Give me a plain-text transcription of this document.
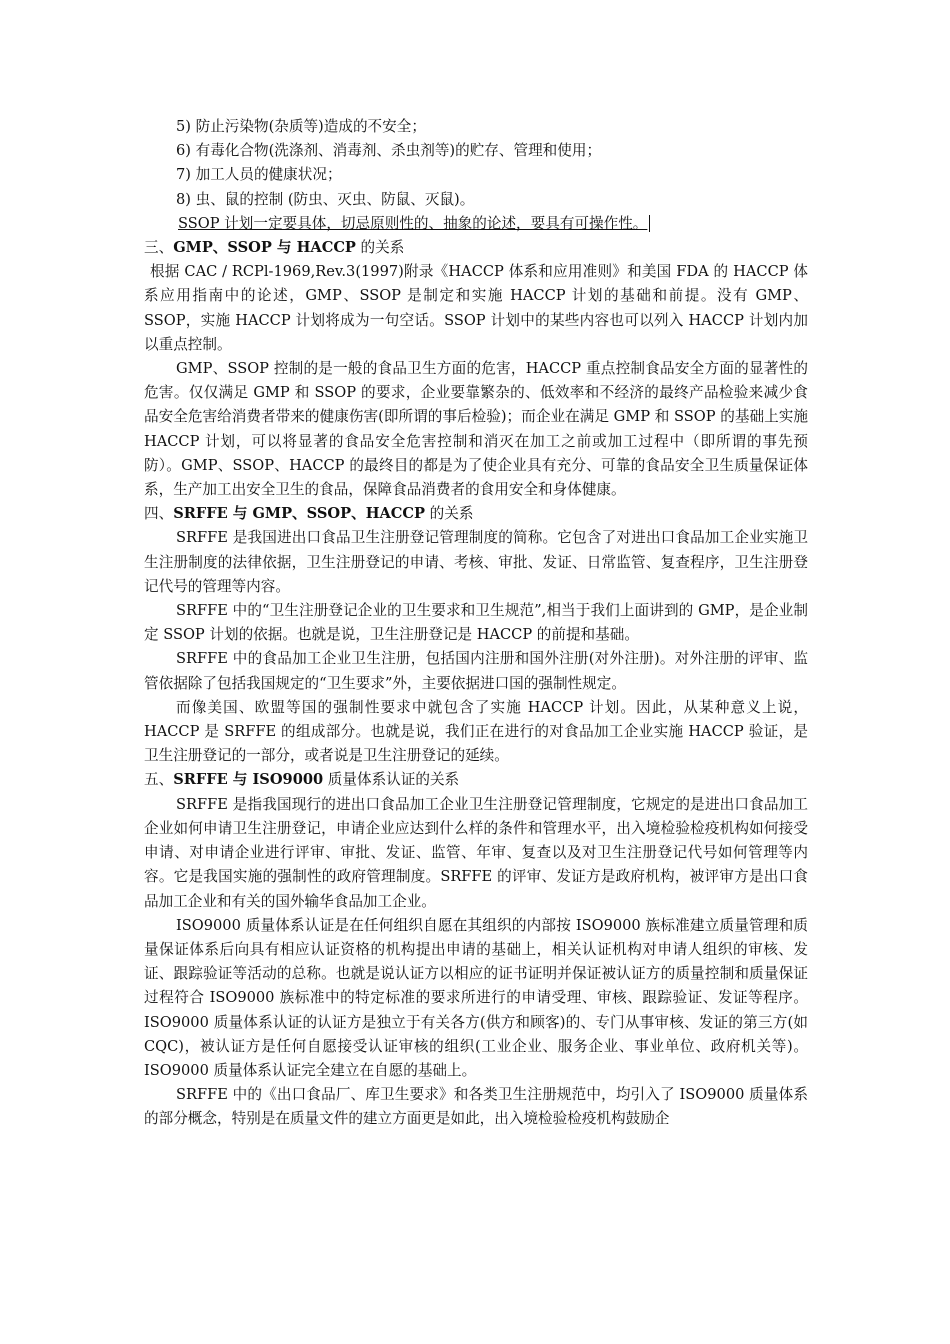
5) 防止污染物(杂质等)造成的不安全；

6) 有毒化合物(洗涤剂、消毒剂、杀虫剂等)的贮存、管理和使用；

7) 加工人员的健康状况；

8) 虫、鼠的控制 (防虫、灭虫、防鼠、灭鼠)。

SSOP 计划一定要具体，切忌原则性的、抽象的论述，要具有可操作性。

三、GMP、SSOP 与 HACCP 的关系

根据 CAC / RCPl-1969,Rev.3(1997)附录《HACCP 体系和应用准则》和美国 FDA 的 HACCP 体系应用指南中的论述，GMP、SSOP 是制定和实施 HACCP 计划的基础和前提。没有 GMP、SSOP，实施 HACCP 计划将成为一句空话。SSOP 计划中的某些内容也可以列入 HACCP 计划内加以重点控制。

GMP、SSOP 控制的是一般的食品卫生方面的危害，HACCP 重点控制食品安全方面的显著性的危害。仅仅满足 GMP 和 SSOP 的要求，企业要靠繁杂的、低效率和不经济的最终产品检验来减少食品安全危害给消费者带来的健康伤害(即所谓的事后检验)；而企业在满足 GMP 和 SSOP 的基础上实施 HACCP 计划，可以将显著的食品安全危害控制和消灭在加工之前或加工过程中（即所谓的事先预防）。GMP、SSOP、HACCP 的最终目的都是为了使企业具有充分、可靠的食品安全卫生质量保证体系，生产加工出安全卫生的食品，保障食品消费者的食用安全和身体健康。

四、SRFFE 与 GMP、SSOP、HACCP 的关系

SRFFE 是我国进出口食品卫生注册登记管理制度的简称。它包含了对进出口食品加工企业实施卫生注册制度的法律依据，卫生注册登记的申请、考核、审批、发证、日常监管、复查程序，卫生注册登记代号的管理等内容。

SRFFE 中的“卫生注册登记企业的卫生要求和卫生规范”,相当于我们上面讲到的 GMP，是企业制定 SSOP 计划的依据。也就是说，卫生注册登记是 HACCP 的前提和基础。

SRFFE 中的食品加工企业卫生注册，包括国内注册和国外注册(对外注册)。对外注册的评审、监管依据除了包括我国规定的“卫生要求”外，主要依据进口国的强制性规定。

而像美国、欧盟等国的强制性要求中就包含了实施 HACCP 计划。因此，从某种意义上说，HACCP 是 SRFFE 的组成部分。也就是说，我们正在进行的对食品加工企业实施 HACCP 验证，是卫生注册登记的一部分，或者说是卫生注册登记的延续。

五、SRFFE 与 ISO9000 质量体系认证的关系

SRFFE 是指我国现行的进出口食品加工企业卫生注册登记管理制度，它规定的是进出口食品加工企业如何申请卫生注册登记，申请企业应达到什么样的条件和管理水平，出入境检验检疫机构如何接受申请、对申请企业进行评审、审批、发证、监管、年审、复查以及对卫生注册登记代号如何管理等内容。它是我国实施的强制性的政府管理制度。SRFFE 的评审、发证方是政府机构，被评审方是出口食品加工企业和有关的国外输华食品加工企业。

ISO9000 质量体系认证是在任何组织自愿在其组织的内部按 ISO9000 族标准建立质量管理和质量保证体系后向具有相应认证资格的机构提出申请的基础上，相关认证机构对申请人组织的审核、发证、跟踪验证等活动的总称。也就是说认证方以相应的证书证明并保证被认证方的质量控制和质量保证过程符合 ISO9000 族标准中的特定标准的要求所进行的申请受理、审核、跟踪验证、发证等程序。ISO9000 质量体系认证的认证方是独立于有关各方(供方和顾客)的、专门从事审核、发证的第三方(如 CQC)，被认证方是任何自愿接受认证审核的组织(工业企业、服务企业、事业单位、政府机关等)。ISO9000 质量体系认证完全建立在自愿的基础上。

SRFFE 中的《出口食品厂、库卫生要求》和各类卫生注册规范中，均引入了 ISO9000 质量体系的部分概念，特别是在质量文件的建立方面更是如此，出入境检验检疫机构鼓励企
